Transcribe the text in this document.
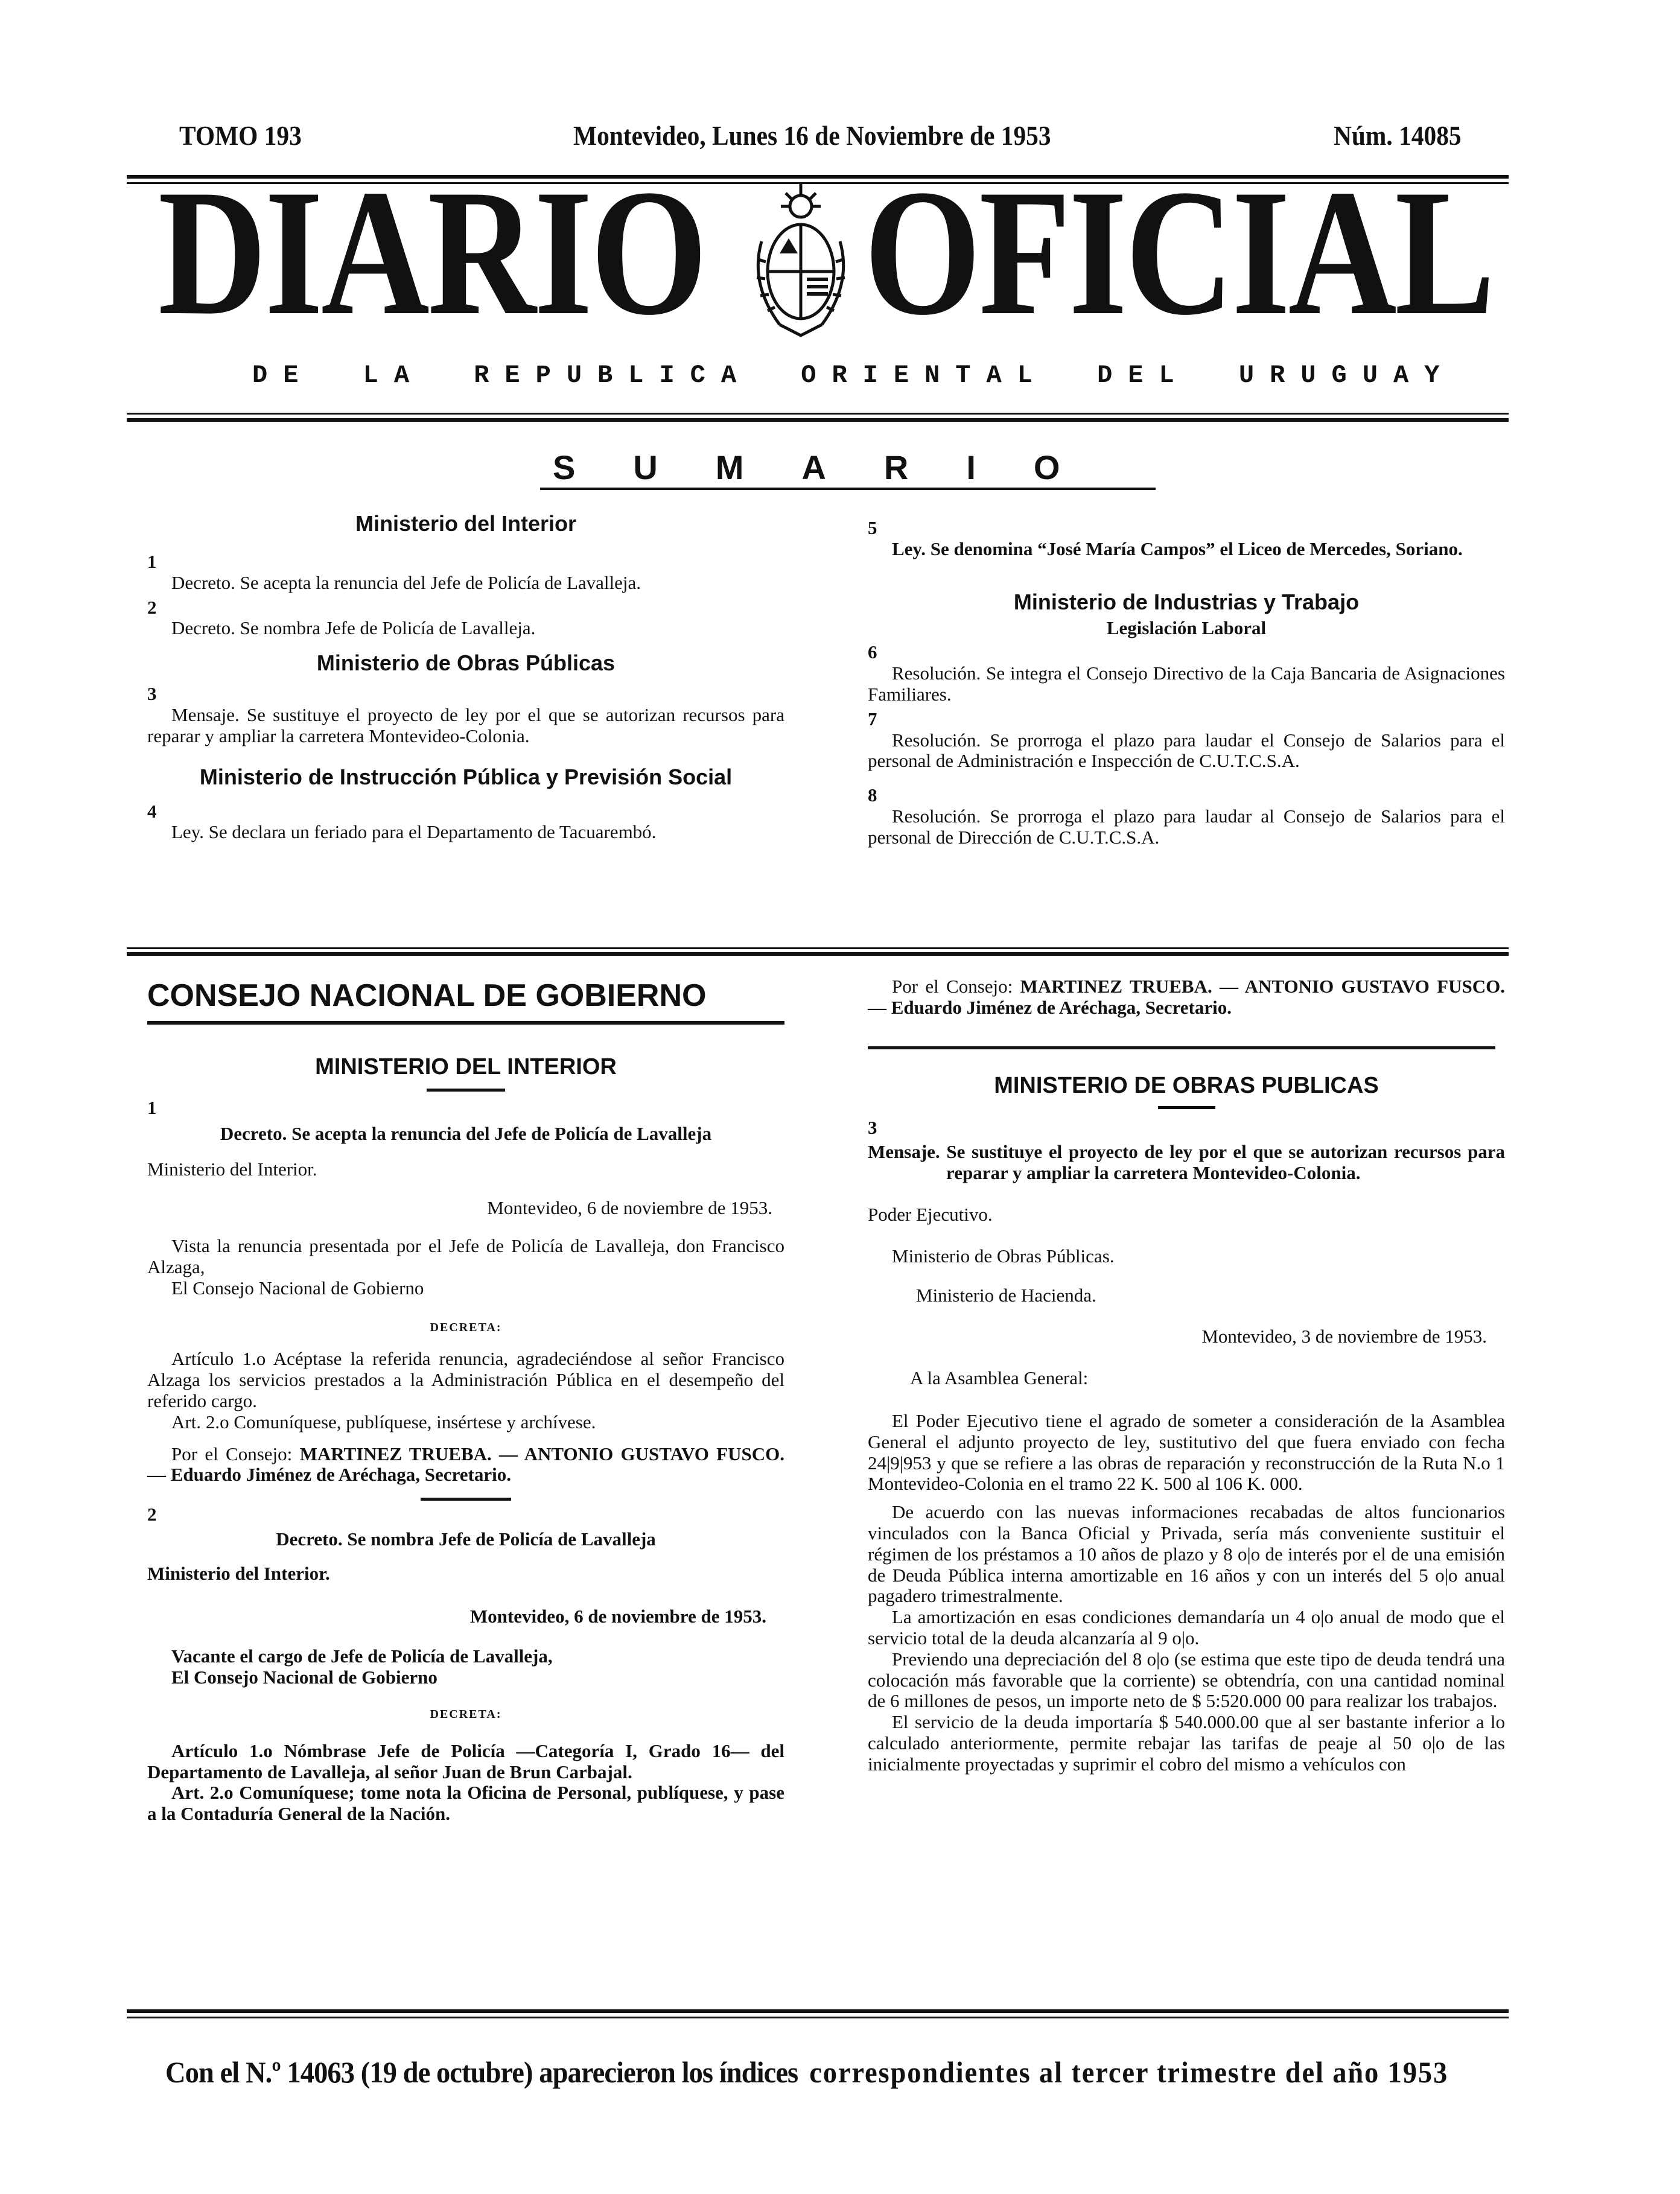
TOMO 193	Montevideo, Lunes 16 de Noviembre de 1953	Núm. 14085
DIARIO OFICIAL
DE LA REPUBLICA ORIENTAL DEL URUGUAY
SUMARIO

Ministerio del Interior

1

Decreto. Se acepta la renuncia del Jefe de Policía de Lavalleja.

2

Decreto. Se nombra Jefe de Policía de Lavalleja.

Ministerio de Obras Públicas

3

Mensaje. Se sustituye el proyecto de ley por el que se autorizan recursos para reparar y ampliar la carretera Montevideo-Colonia.

Ministerio de Instrucción Pública y Previsión Social

4

Ley. Se declara un feriado para el Departamento de Tacuarembó.

5

Ley. Se denomina “José María Campos” el Liceo de Mercedes, Soriano.

Ministerio de Industrias y Trabajo

Legislación Laboral

6

Resolución. Se integra el Consejo Directivo de la Caja Bancaria de Asignaciones Familiares.

7

Resolución. Se prorroga el plazo para laudar el Consejo de Salarios para el personal de Administración e Inspección de C.U.T.C.S.A.

8

Resolución. Se prorroga el plazo para laudar al Consejo de Salarios para el personal de Dirección de C.U.T.C.S.A.

CONSEJO NACIONAL DE GOBIERNO

MINISTERIO DEL INTERIOR

1

Decreto. Se acepta la renuncia del Jefe de Policía de Lavalleja

Ministerio del Interior.

Montevideo, 6 de noviembre de 1953.

Vista la renuncia presentada por el Jefe de Policía de Lavalleja, don Francisco Alzaga,

El Consejo Nacional de Gobierno

DECRETA:

Artículo 1.o Acéptase la referida renuncia, agradeciéndose al señor Francisco Alzaga los servicios prestados a la Administración Pública en el desempeño del referido cargo.

Art. 2.o Comuníquese, publíquese, insértese y archívese.

Por el Consejo: MARTINEZ TRUEBA. — ANTONIO GUSTAVO FUSCO. — Eduardo Jiménez de Aréchaga, Secretario.

2

Decreto. Se nombra Jefe de Policía de Lavalleja

Ministerio del Interior.

Montevideo, 6 de noviembre de 1953.

Vacante el cargo de Jefe de Policía de Lavalleja,

El Consejo Nacional de Gobierno

DECRETA:

Artículo 1.o Nómbrase Jefe de Policía —Categoría I, Grado 16— del Departamento de Lavalleja, al señor Juan de Brun Carbajal.

Art. 2.o Comuníquese; tome nota la Oficina de Personal, publíquese, y pase a la Contaduría General de la Nación.

Por el Consejo: MARTINEZ TRUEBA. — ANTONIO GUSTAVO FUSCO. — Eduardo Jiménez de Aréchaga, Secretario.

MINISTERIO DE OBRAS PUBLICAS

3

Mensaje. Se sustituye el proyecto de ley por el que se autorizan recursos para reparar y ampliar la carretera Montevideo-Colonia.

Poder Ejecutivo.

Ministerio de Obras Públicas.

Ministerio de Hacienda.

Montevideo, 3 de noviembre de 1953.

A la Asamblea General:

El Poder Ejecutivo tiene el agrado de someter a consideración de la Asamblea General el adjunto proyecto de ley, sustitutivo del que fuera enviado con fecha 24|9|953 y que se refiere a las obras de reparación y reconstrucción de la Ruta N.o 1 Montevideo-Colonia en el tramo 22 K. 500 al 106 K. 000.

De acuerdo con las nuevas informaciones recabadas de altos funcionarios vinculados con la Banca Oficial y Privada, sería más conveniente sustituir el régimen de los préstamos a 10 años de plazo y 8 o|o de interés por el de una emisión de Deuda Pública interna amortizable en 16 años y con un interés del 5 o|o anual pagadero trimestralmente.

La amortización en esas condiciones demandaría un 4 o|o anual de modo que el servicio total de la deuda alcanzaría al 9 o|o.

Previendo una depreciación del 8 o|o (se estima que este tipo de deuda tendrá una colocación más favorable que la corriente) se obtendría, con una cantidad nominal de 6 millones de pesos, un importe neto de $ 5:520.000 00 para realizar los trabajos.

El servicio de la deuda importaría $ 540.000.00 que al ser bastante inferior a lo calculado anteriormente, permite rebajar las tarifas de peaje al 50 o|o de las inicialmente proyectadas y suprimir el cobro del mismo a vehículos con

Con el N.º 14063 (19 de octubre) aparecieron los índices correspondientes al tercer trimestre del año 1953
